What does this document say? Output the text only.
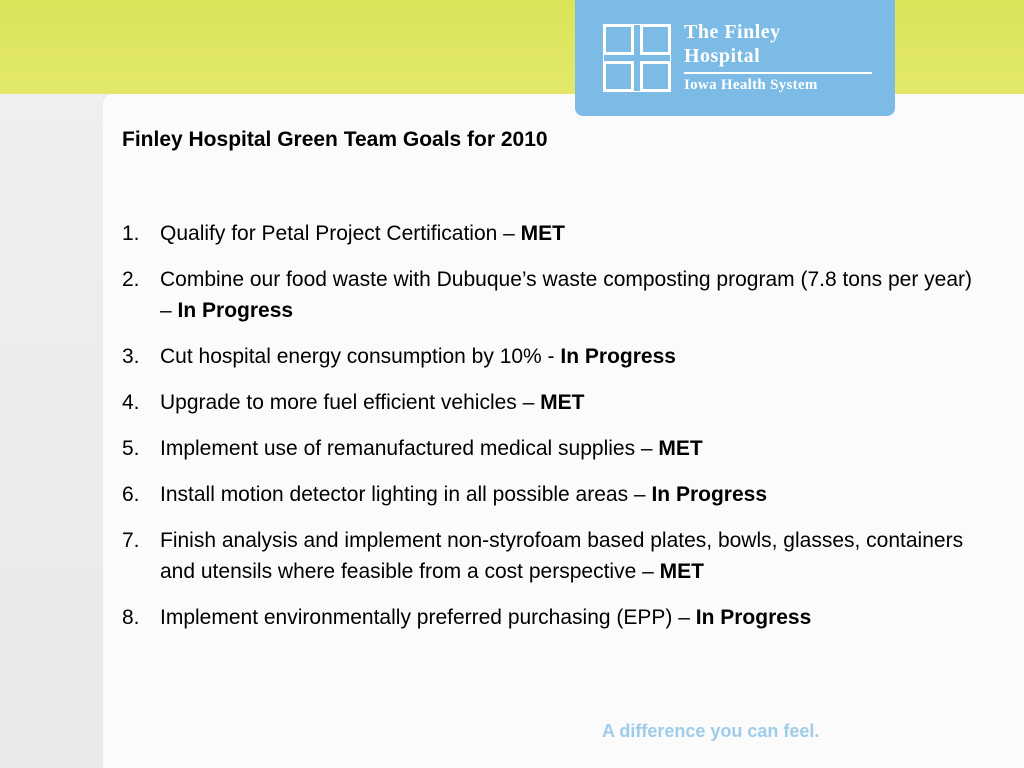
The Finley
Hospital
Iowa Health System
Finley Hospital Green Team Goals for 2010
1. Qualify for Petal Project Certification – MET
2. Combine our food waste with Dubuque’s waste composting program (7.8 tons per year) – In Progress
3. Cut hospital energy consumption by 10% - In Progress
4. Upgrade to more fuel efficient vehicles – MET
5. Implement use of remanufactured medical supplies – MET
6. Install motion detector lighting in all possible areas – In Progress
7. Finish analysis and implement non-styrofoam based plates, bowls, glasses, containers and utensils where feasible from a cost perspective – MET
8. Implement environmentally preferred purchasing (EPP) – In Progress
A difference you can feel.
